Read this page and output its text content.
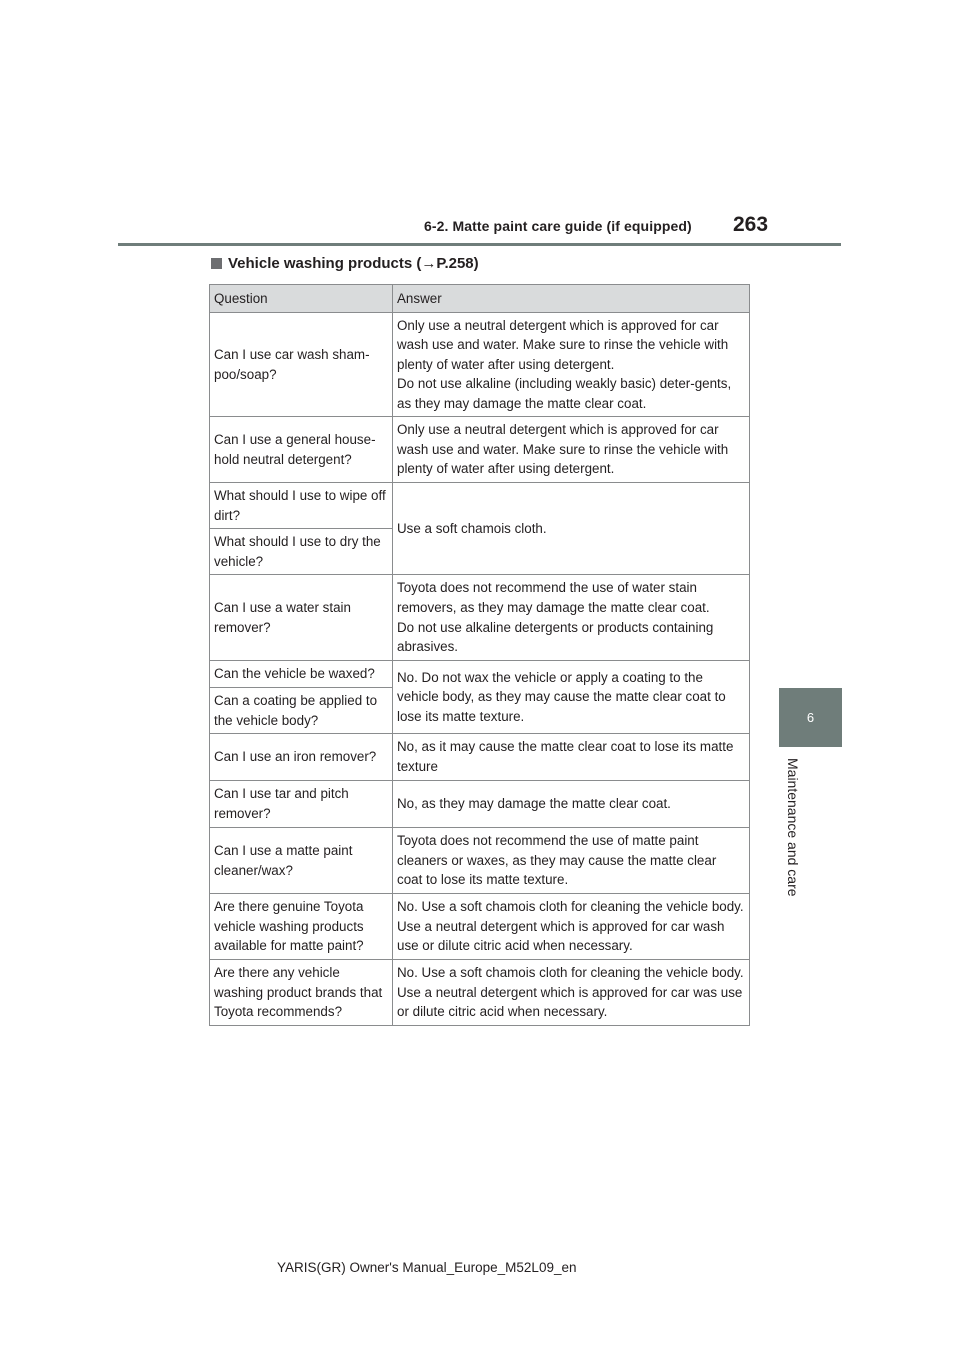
6-2. Matte paint care guide (if equipped) 263
6
Maintenance and care
Vehicle washing products (→P.258)
Question	Answer
Can I use car wash sham-poo/soap?	Only use a neutral detergent which is approved for car wash use and water. Make sure to rinse the vehicle with plenty of water after using detergent.
Do not use alkaline (including weakly basic) deter-gents, as they may damage the matte clear coat.

Can I use a general house-hold neutral detergent?	Only use a neutral detergent which is approved for car wash use and water. Make sure to rinse the vehicle with plenty of water after using detergent.

What should I use to wipe off dirt?	Use a soft chamois cloth.

What should I use to dry the vehicle?	
Can I use a water stain remover?	Toyota does not recommend the use of water stain removers, as they may damage the matte clear coat.
Do not use alkaline detergents or products containing abrasives.

Can the vehicle be waxed?	No. Do not wax the vehicle or apply a coating to the vehicle body, as they may cause the matte clear coat to lose its matte texture.

Can a coating be applied to the vehicle body?	
Can I use an iron remover?	No, as it may cause the matte clear coat to lose its matte texture

Can I use tar and pitch remover?	No, as they may damage the matte clear coat.

Can I use a matte paint cleaner/wax?	Toyota does not recommend the use of matte paint cleaners or waxes, as they may cause the matte clear coat to lose its matte texture.

Are there genuine Toyota vehicle washing products available for matte paint?	No. Use a soft chamois cloth for cleaning the vehicle body. Use a neutral detergent which is approved for car wash use or dilute citric acid when necessary.

Are there any vehicle washing product brands that Toyota recommends?	No. Use a soft chamois cloth for cleaning the vehicle body. Use a neutral detergent which is approved for car was use or dilute citric acid when necessary.
YARIS(GR) Owner's Manual_Europe_M52L09_en
